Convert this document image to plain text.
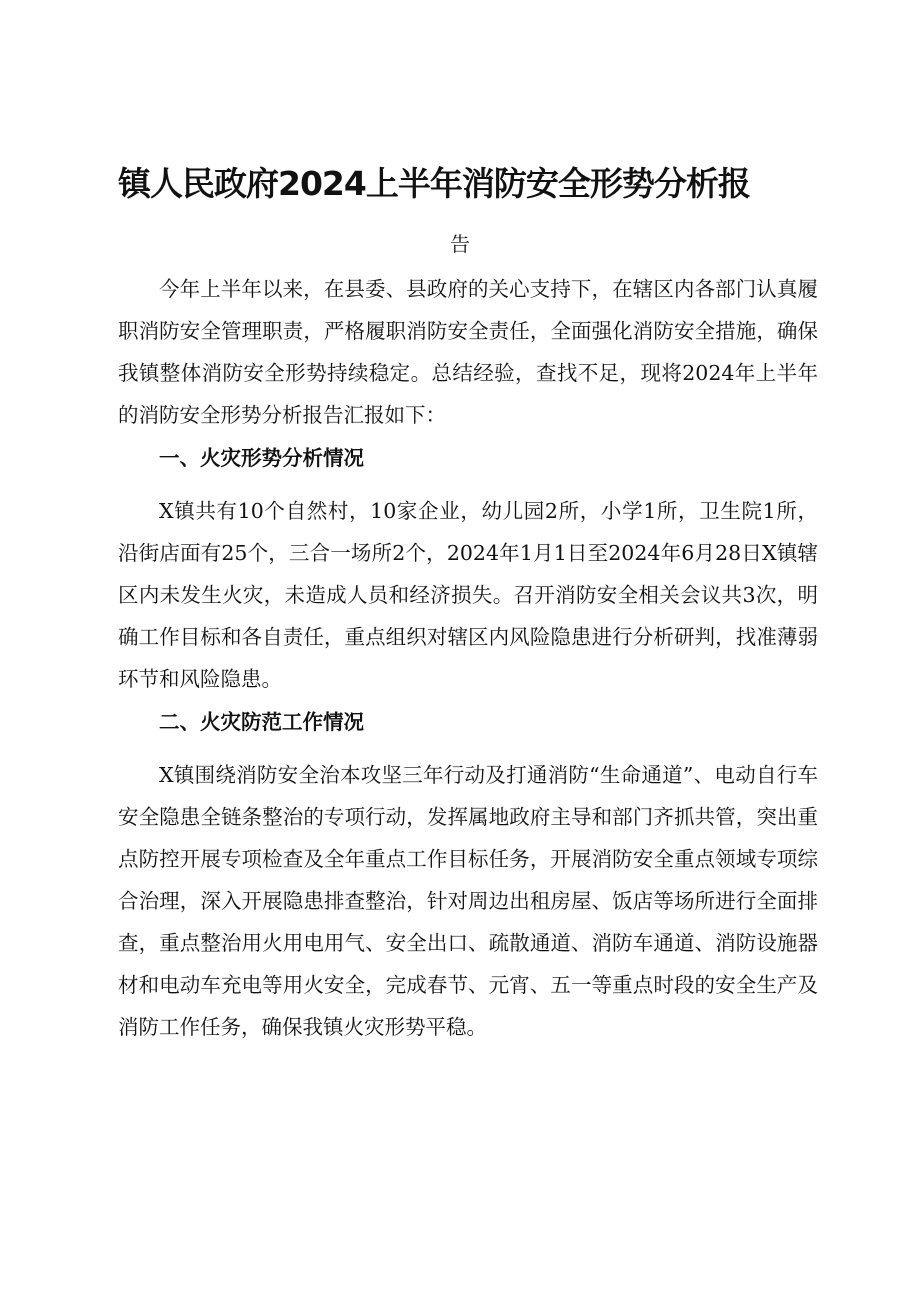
镇人民政府2024上半年消防安全形势分析报

告

今年上半年以来，在县委、县政府的关心支持下，在辖区内各部门认真履职消防安全管理职责，严格履职消防安全责任，全面强化消防安全措施，确保我镇整体消防安全形势持续稳定。总结经验，查找不足，现将2024年上半年的消防安全形势分析报告汇报如下：

一、火灾形势分析情况

X镇共有10个自然村，10家企业，幼儿园2所，小学1所，卫生院1所，沿街店面有25个，三合一场所2个，2024年1月1日至2024年6月28日X镇辖区内未发生火灾，未造成人员和经济损失。召开消防安全相关会议共3次，明确工作目标和各自责任，重点组织对辖区内风险隐患进行分析研判，找准薄弱环节和风险隐患。

二、火灾防范工作情况

X镇围绕消防安全治本攻坚三年行动及打通消防“生命通道”、电动自行车安全隐患全链条整治的专项行动，发挥属地政府主导和部门齐抓共管，突出重点防控开展专项检查及全年重点工作目标任务，开展消防安全重点领域专项综合治理，深入开展隐患排查整治，针对周边出租房屋、饭店等场所进行全面排查，重点整治用火用电用气、安全出口、疏散通道、消防车通道、消防设施器材和电动车充电等用火安全，完成春节、元宵、五一等重点时段的安全生产及消防工作任务，确保我镇火灾形势平稳。
